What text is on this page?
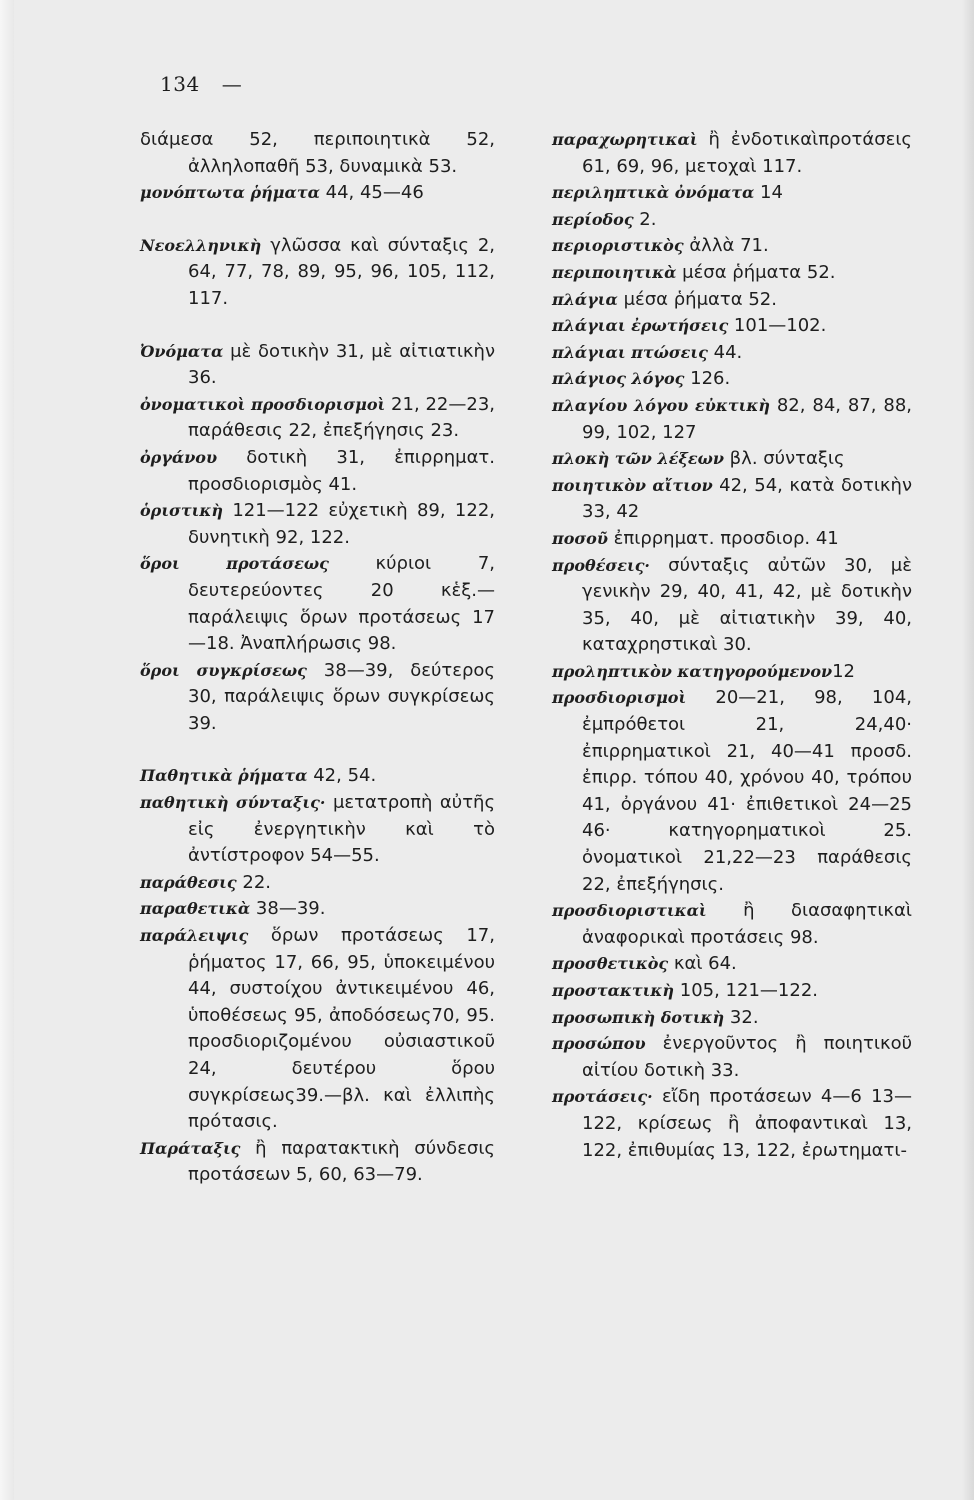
134 —

διάμεσα 52, περιποιητικὰ 52, ἀλληλοπαθῆ 53, δυναμικὰ 53.

μονόπτωτα ῥήματα 44, 45—46

Νεοελληνικὴ γλῶσσα καὶ σύνταξις 2, 64, 77, 78, 89, 95, 96, 105, 112, 117.

Ὀνόματα μὲ δοτικὴν 31, μὲ αἰτιατικὴν 36.

ὀνοματικοὶ προσδιορισμοὶ 21, 22—23, παράθεσις 22, ἐπεξήγησις 23.

ὀργάνου δοτικὴ 31, ἐπιρρηματ. προσδιορισμὸς 41.

ὁριστικὴ 121—122 εὐχετικὴ 89, 122, δυνητικὴ 92, 122.

ὅροι προτάσεως κύριοι 7, δευτερεύοντες 20 κἑξ.—παράλειψις ὅρων προτάσεως 17—18. Ἀναπλήρωσις 98.

ὅροι συγκρίσεως 38—39, δεύτερος 30, παράλειψις ὅρων συγκρίσεως 39.

Παθητικὰ ῥήματα 42, 54.

παθητικὴ σύνταξις· μετατροπὴ αὐτῆς εἰς ἐνεργητικὴν καὶ τὸ ἀντίστροφον 54—55.

παράθεσις 22.

παραθετικὰ 38—39.

παράλειψις ὅρων προτάσεως 17, ῥήματος 17, 66, 95, ὑποκειμένου 44, συστοίχου ἀντικειμένου 46, ὑποθέσεως 95, ἀποδόσεως70, 95. προσδιοριζομένου οὐσιαστικοῦ 24, δευτέρου ὅρου συγκρίσεως39.—βλ. καὶ ἐλλιπὴς πρότασις.

Παράταξις ἢ παρατακτικὴ σύνδεσις προτάσεων 5, 60, 63—79.

παραχωρητικαὶ ἢ ἐνδοτικαὶπροτάσεις 61, 69, 96, μετοχαὶ 117.

περιληπτικὰ ὀνόματα 14

περίοδος 2.

περιοριστικὸς ἀλλὰ 71.

περιποιητικὰ μέσα ῥήματα 52.

πλάγια μέσα ῥήματα 52.

πλάγιαι ἐρωτήσεις 101—102.

πλάγιαι πτώσεις 44.

πλάγιος λόγος 126.

πλαγίου λόγου εὐκτικὴ 82, 84, 87, 88, 99, 102, 127

πλοκὴ τῶν λέξεων βλ. σύνταξις

ποιητικὸν αἴτιον 42, 54, κατὰ δοτικὴν 33, 42

ποσοῦ ἐπιρρηματ. προσδιορ. 41

προθέσεις· σύνταξις αὐτῶν 30, μὲ γενικὴν 29, 40, 41, 42, μὲ δοτικὴν 35, 40, μὲ αἰτιατικὴν 39, 40, καταχρηστικαὶ 30.

προληπτικὸν κατηγορούμενον12

προσδιορισμοὶ 20—21, 98, 104, ἐμπρόθετοι 21, 24,40· ἐπιρρηματικοὶ 21, 40—41 προσδ. ἐπιρρ. τόπου 40, χρόνου 40, τρόπου 41, ὀργάνου 41· ἐπιθετικοὶ 24—25 46· κατηγορηματικοὶ 25. ὀνοματικοὶ 21,22—23 παράθεσις 22, ἐπεξήγησις.

προσδιοριστικαὶ ἢ διασαφητικαὶ ἀναφορικαὶ προτάσεις 98.

προσθετικὸς καὶ 64.

προστακτικὴ 105, 121—122.

προσωπικὴ δοτικὴ 32.

προσώπου ἐνεργοῦντος ἢ ποιητικοῦ αἰτίου δοτικὴ 33.

προτάσεις· εἴδη προτάσεων 4—6 13—122, κρίσεως ἢ ἀποφαντικαὶ 13, 122, ἐπιθυμίας 13, 122, ἐρωτηματι-
